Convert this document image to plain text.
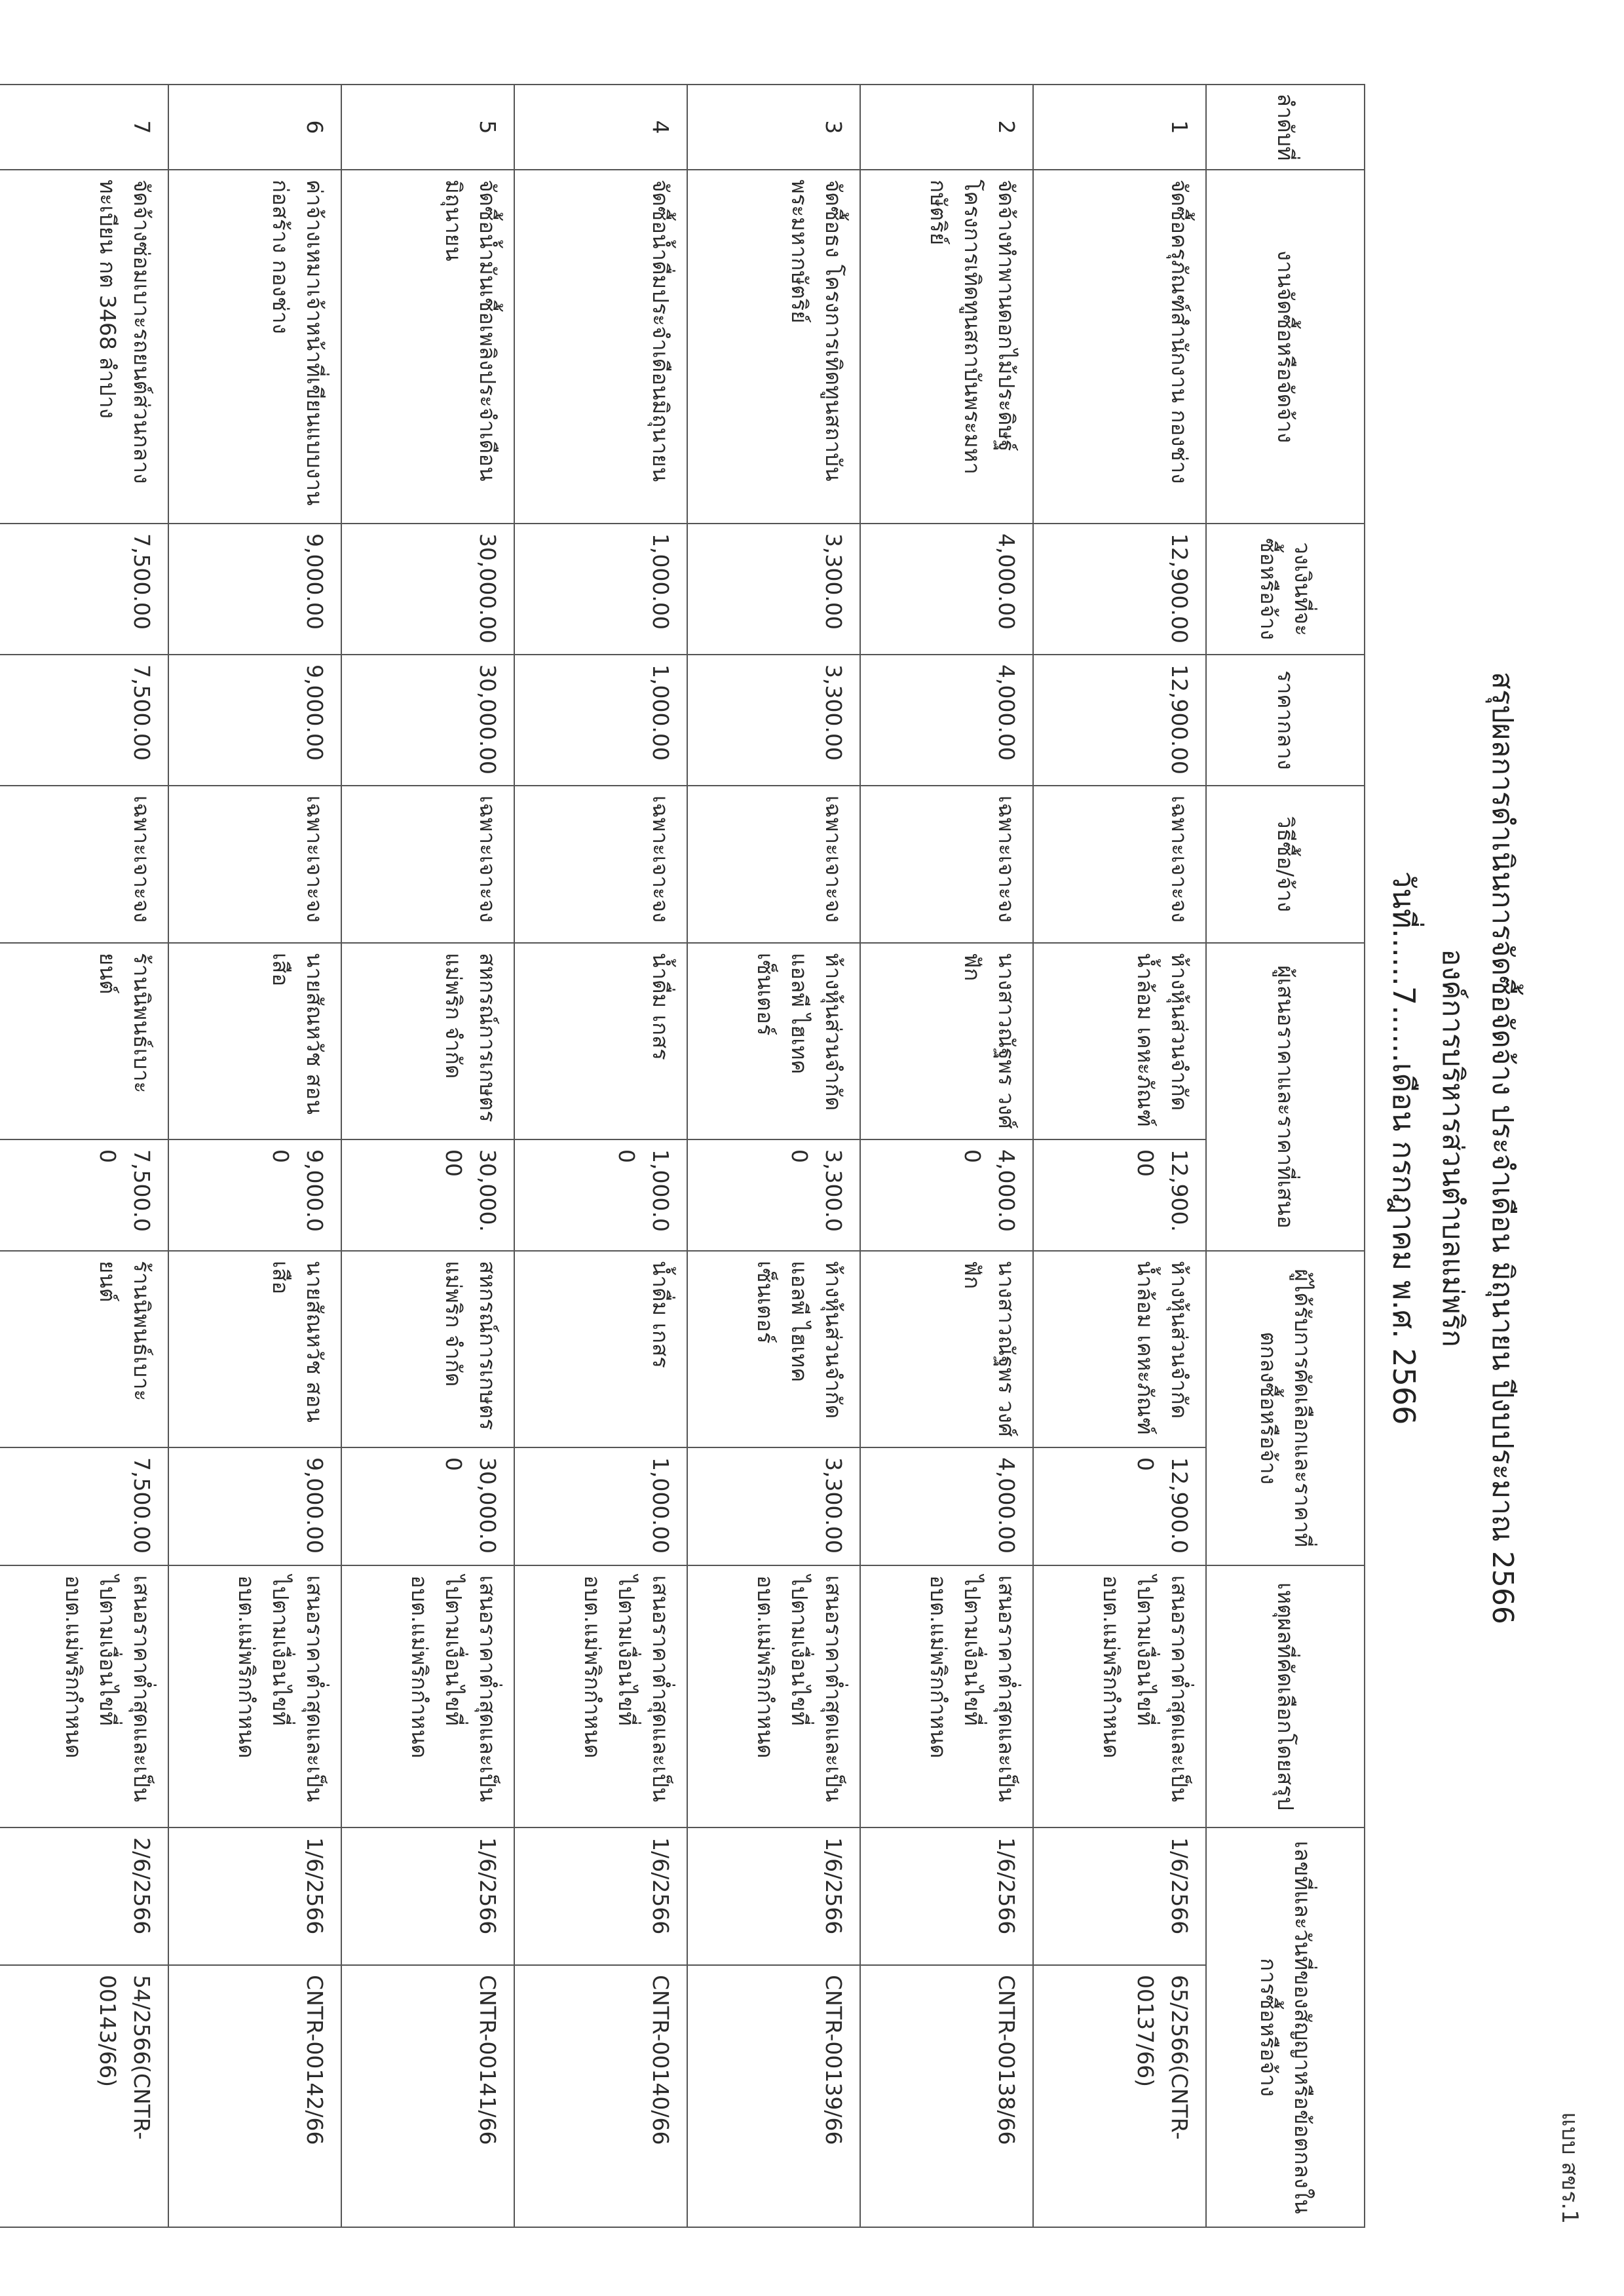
แบบ สขร.1
สรุปผลการดำเนินการจัดซื้อจัดจ้าง ประจำเดือน มิถุนายน ปีงบประมาณ 2566
องค์การบริหารส่วนตำบลแม่พริก
วันที่......7......เดือน กรกฎาคม พ.ศ. 2566
ลำดับที่	งานจัดซื้อหรือจัดจ้าง	วงเงินที่จะซื้อหรือจ้าง	ราคากลาง	วิธีซื้อ/จ้าง	ผู้เสนอราคาและราคาที่เสนอ		ผู้ได้รับการคัดเลือกและราคาที่ตกลงซื้อหรือจ้าง		เหตุผลที่คัดเลือกโดยสรุป	เลขที่และวันที่ของสัญญาหรือข้อตกลงในการซื้อหรือจ้าง	
1	จัดซื้อครุภัณฑ์สำนักงาน กองช่าง	12,900.00	12,900.00	เฉพาะเจาะจง	ห้างหุ้นส่วนจำกัด น้ำล้อม เคหะภัณฑ์	12,900.00	ห้างหุ้นส่วนจำกัด น้ำล้อม เคหะภัณฑ์	12,900.00	เสนอราคาต่ำสุดและเป็นไปตามเงื่อนไขที่ อบต.แม่พริกกำหนด	1/6/2566	65/2566(CNTR-00137/66)
2	จัดจ้างทำพานดอกไม้ประดิษฐ์ โครงการเทิดทูนสถาบันพระมหากษัตริย์	4,000.00	4,000.00	เฉพาะเจาะจง	นางสาวณัฐพร วงศ์ฟัก	4,000.00	นางสาวณัฐพร วงศ์ฟัก	4,000.00	เสนอราคาต่ำสุดและเป็นไปตามเงื่อนไขที่ อบต.แม่พริกกำหนด	1/6/2566	CNTR-00138/66
3	จัดซื้อธง โครงการเทิดทูนสถาบันพระมหากษัตริย์	3,300.00	3,300.00	เฉพาะเจาะจง	ห้างหุ้นส่วนจำกัด แอลพี ไฮเทค เซ็นเตอร์	3,300.00	ห้างหุ้นส่วนจำกัด แอลพี ไฮเทค เซ็นเตอร์	3,300.00	เสนอราคาต่ำสุดและเป็นไปตามเงื่อนไขที่ อบต.แม่พริกกำหนด	1/6/2566	CNTR-00139/66
4	จัดซื้อน้ำดื่มประจำเดือนมิถุนายน	1,000.00	1,000.00	เฉพาะเจาะจง	น้ำดื่ม เกสร	1,000.00	น้ำดื่ม เกสร	1,000.00	เสนอราคาต่ำสุดและเป็นไปตามเงื่อนไขที่ อบต.แม่พริกกำหนด	1/6/2566	CNTR-00140/66
5	จัดซื้อน้ำมันเชื้อเพลิงประจำเดือนมิถุนายน	30,000.00	30,000.00	เฉพาะเจาะจง	สหกรณ์การเกษตรแม่พริก จำกัด	30,000.00	สหกรณ์การเกษตรแม่พริก จำกัด	30,000.00	เสนอราคาต่ำสุดและเป็นไปตามเงื่อนไขที่ อบต.แม่พริกกำหนด	1/6/2566	CNTR-00141/66
6	ค่าจ้างเหมาเจ้าหน้าที่เขียนแบบงานก่อสร้าง กองช่าง	9,000.00	9,000.00	เฉพาะเจาะจง	นายสัณหวัช สอนเสือ	9,000.00	นายสัณหวัช สอนเสือ	9,000.00	เสนอราคาต่ำสุดและเป็นไปตามเงื่อนไขที่ อบต.แม่พริกกำหนด	1/6/2566	CNTR-00142/66
7	จัดจ้างซ่อมเบาะรถยนต์ส่วนกลาง ทะเบียน กต 3468 ลำปาง	7,500.00	7,500.00	เฉพาะเจาะจง	ร้านนิพนธ์เบาะยนต์	7,500.00	ร้านนิพนธ์เบาะยนต์	7,500.00	เสนอราคาต่ำสุดและเป็นไปตามเงื่อนไขที่ อบต.แม่พริกกำหนด	2/6/2566	54/2566(CNTR-00143/66)
